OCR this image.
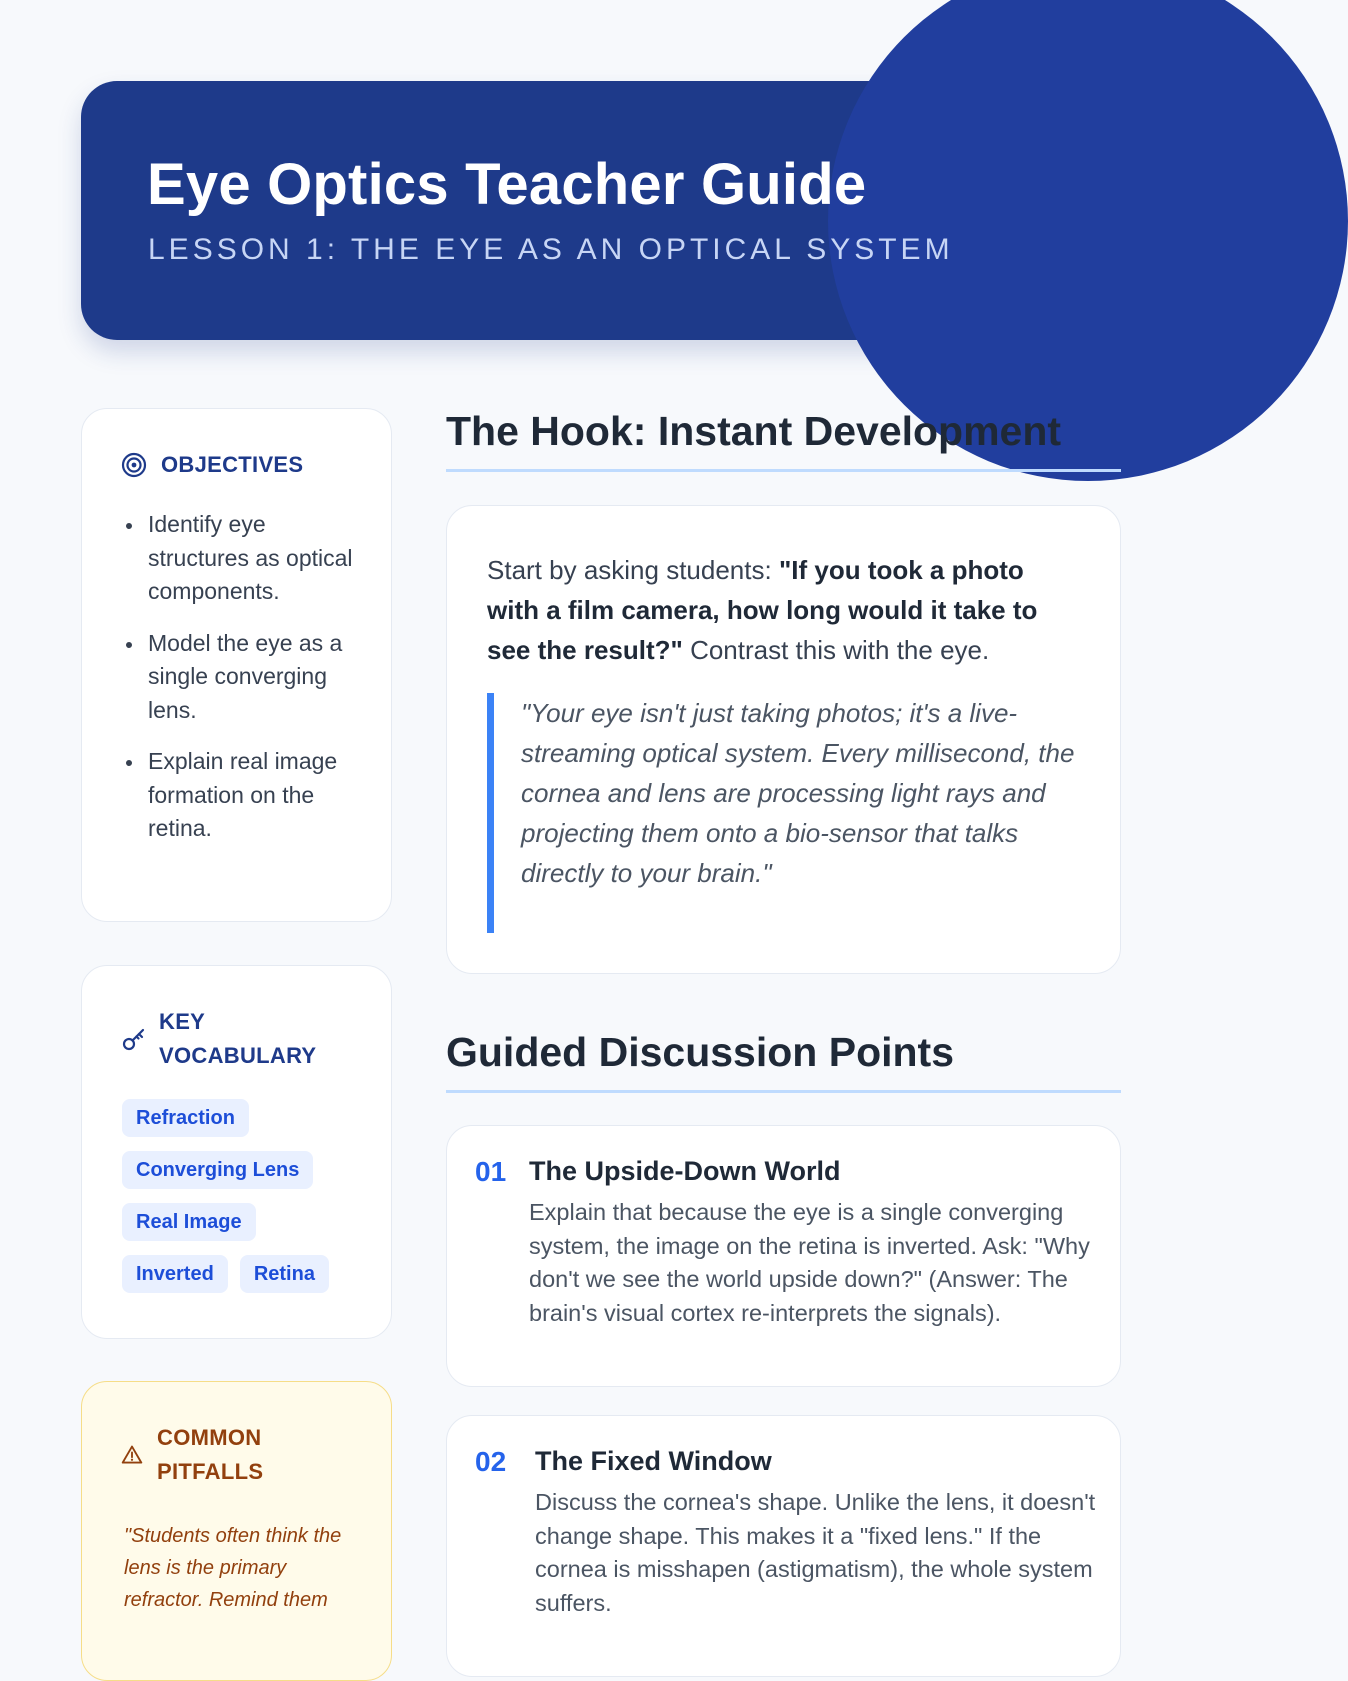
Eye Optics Teacher Guide
LESSON 1: THE EYE AS AN OPTICAL SYSTEM
OBJECTIVES
Identify eye structures as optical components.
Model the eye as a single converging lens.
Explain real image formation on the retina.
KEY VOCABULARY
Refraction
Converging Lens
Real Image
Inverted Retina
COMMON PITFALLS
"Students often think the lens is the primary refractor. Remind them
The Hook: Instant Development

Start by asking students: "If you took a photo with a film camera, how long would it take to see the result?" Contrast this with the eye.

"Your eye isn't just taking photos; it's a live-streaming optical system. Every millisecond, the cornea and lens are processing light rays and projecting them onto a bio-sensor that talks directly to your brain."
Guided Discussion Points
01 The Upside-Down World
Explain that because the eye is a single converging system, the image on the retina is inverted. Ask: "Why don't we see the world upside down?" (Answer: The brain's visual cortex re-interprets the signals).
02 The Fixed Window
Discuss the cornea's shape. Unlike the lens, it doesn't change shape. This makes it a "fixed lens." If the cornea is misshapen (astigmatism), the whole system suffers.
